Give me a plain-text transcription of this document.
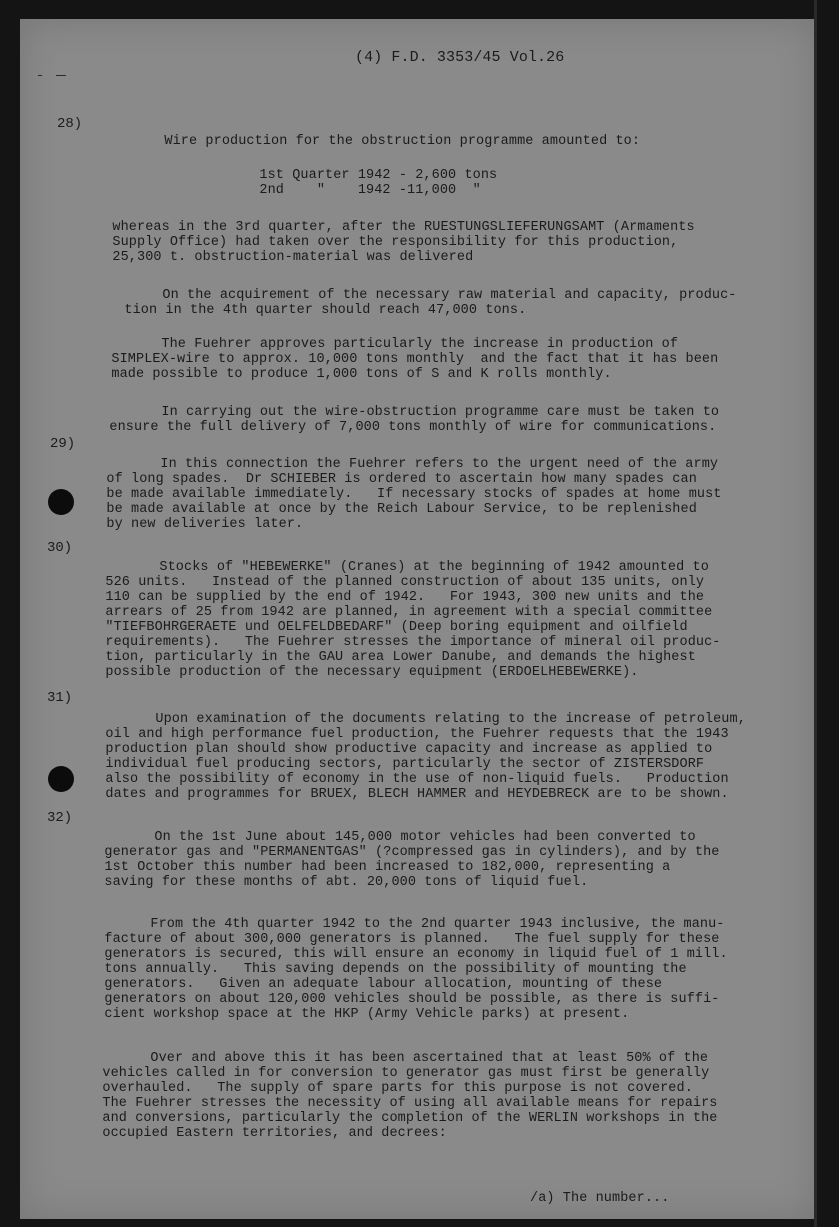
(4) F.D. 3353/45 Vol.26
28)

Wire production for the obstruction programme amounted to:

1st Quarter 1942 - 2,600 tons
2nd    "    1942 -11,000  "

whereas in the 3rd quarter, after the RUESTUNGSLIEFERUNGSAMT (Armaments
Supply Office) had taken over the responsibility for this production,
25,300 t. obstruction-material was delivered

On the acquirement of the necessary raw material and capacity, produc-
tion in the 4th quarter should reach 47,000 tons.

The Fuehrer approves particularly the increase in production of
SIMPLEX-wire to approx. 10,000 tons monthly  and the fact that it has been
made possible to produce 1,000 tons of S and K rolls monthly.

In carrying out the wire-obstruction programme care must be taken to
ensure the full delivery of 7,000 tons monthly of wire for communications.

29)

In this connection the Fuehrer refers to the urgent need of the army
of long spades.  Dr SCHIEBER is ordered to ascertain how many spades can
be made available immediately.   If necessary stocks of spades at home must
be made available at once by the Reich Labour Service, to be replenished
by new deliveries later.

30)

Stocks of "HEBEWERKE" (Cranes) at the beginning of 1942 amounted to
526 units.   Instead of the planned construction of about 135 units, only
110 can be supplied by the end of 1942.   For 1943, 300 new units and the
arrears of 25 from 1942 are planned, in agreement with a special committee
"TIEFBOHRGERAETE und OELFELDBEDARF" (Deep boring equipment and oilfield
requirements).   The Fuehrer stresses the importance of mineral oil produc-
tion, particularly in the GAU area Lower Danube, and demands the highest
possible production of the necessary equipment (ERDOELHEBEWERKE).

31)

Upon examination of the documents relating to the increase of petroleum,
oil and high performance fuel production, the Fuehrer requests that the 1943
production plan should show productive capacity and increase as applied to
individual fuel producing sectors, particularly the sector of ZISTERSDORF
also the possibility of economy in the use of non-liquid fuels.   Production
dates and programmes for BRUEX, BLECH HAMMER and HEYDEBRECK are to be shown.

32)

On the 1st June about 145,000 motor vehicles had been converted to
generator gas and "PERMANENTGAS" (?compressed gas in cylinders), and by the
1st October this number had been increased to 182,000, representing a
saving for these months of abt. 20,000 tons of liquid fuel.

From the 4th quarter 1942 to the 2nd quarter 1943 inclusive, the manu-
facture of about 300,000 generators is planned.   The fuel supply for these
generators is secured, this will ensure an economy in liquid fuel of 1 mill.
tons annually.   This saving depends on the possibility of mounting the
generators.   Given an adequate labour allocation, mounting of these
generators on about 120,000 vehicles should be possible, as there is suffi-
cient workshop space at the HKP (Army Vehicle parks) at present.

Over and above this it has been ascertained that at least 50% of the
vehicles called in for conversion to generator gas must first be generally
overhauled.   The supply of spare parts for this purpose is not covered.
The Fuehrer stresses the necessity of using all available means for repairs
and conversions, particularly the completion of the WERLIN workshops in the
occupied Eastern territories, and decrees:

/a) The number...
